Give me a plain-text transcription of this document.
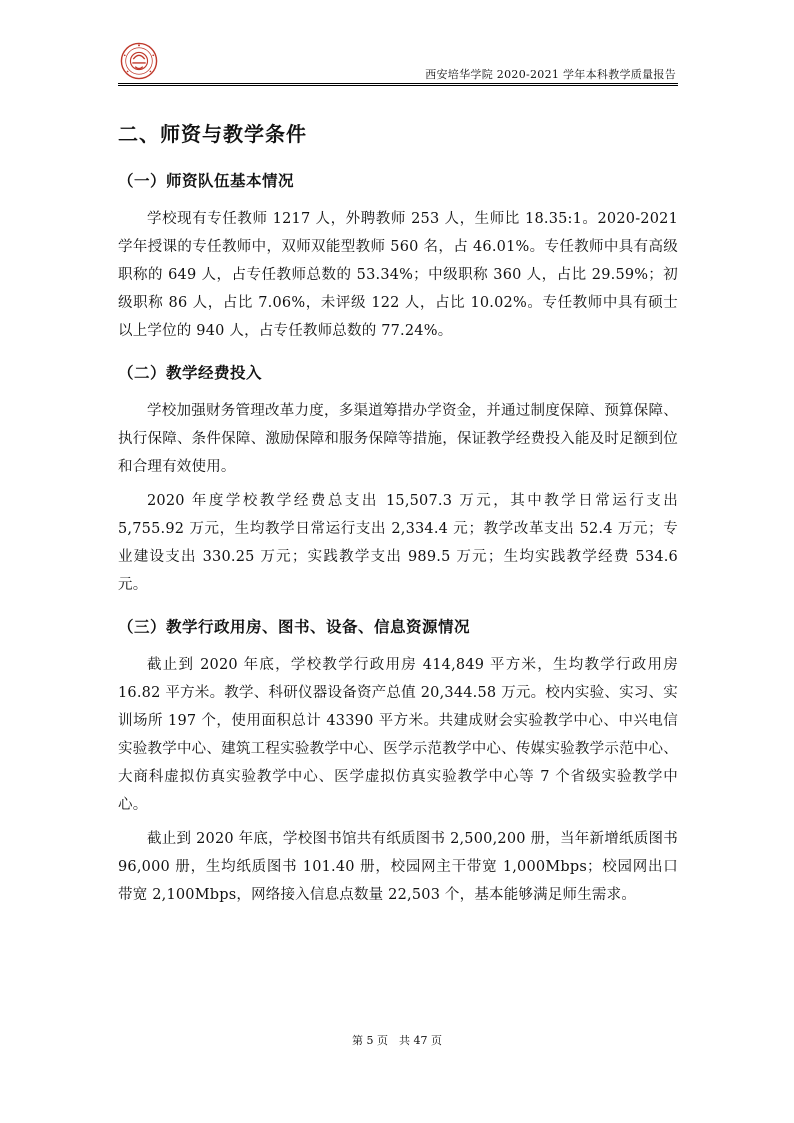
西安培华学院 2020-2021 学年本科教学质量报告
二、师资与教学条件
（一）师资队伍基本情况

学校现有专任教师 1217 人，外聘教师 253 人，生师比 18.35:1。2020-2021 学年授课的专任教师中，双师双能型教师 560 名，占 46.01%。专任教师中具有高级职称的 649 人，占专任教师总数的 53.34%；中级职称 360 人，占比 29.59%；初级职称 86 人，占比 7.06%，未评级 122 人，占比 10.02%。专任教师中具有硕士以上学位的 940 人，占专任教师总数的 77.24%。

（二）教学经费投入

学校加强财务管理改革力度，多渠道筹措办学资金，并通过制度保障、预算保障、执行保障、条件保障、激励保障和服务保障等措施，保证教学经费投入能及时足额到位和合理有效使用。

2020 年度学校教学经费总支出 15,507.3 万元，其中教学日常运行支出 5,755.92 万元，生均教学日常运行支出 2,334.4 元；教学改革支出 52.4 万元；专业建设支出 330.25 万元；实践教学支出 989.5 万元；生均实践教学经费 534.6 元。

（三）教学行政用房、图书、设备、信息资源情况

截止到 2020 年底，学校教学行政用房 414,849 平方米，生均教学行政用房 16.82 平方米。教学、科研仪器设备资产总值 20,344.58 万元。校内实验、实习、实训场所 197 个，使用面积总计 43390 平方米。共建成财会实验教学中心、中兴电信实验教学中心、建筑工程实验教学中心、医学示范教学中心、传媒实验教学示范中心、大商科虚拟仿真实验教学中心、医学虚拟仿真实验教学中心等 7 个省级实验教学中心。

截止到 2020 年底，学校图书馆共有纸质图书 2,500,200 册，当年新增纸质图书 96,000 册，生均纸质图书 101.40 册，校园网主干带宽 1,000Mbps；校园网出口带宽 2,100Mbps，网络接入信息点数量 22,503 个，基本能够满足师生需求。

第 5 页　共 47 页
